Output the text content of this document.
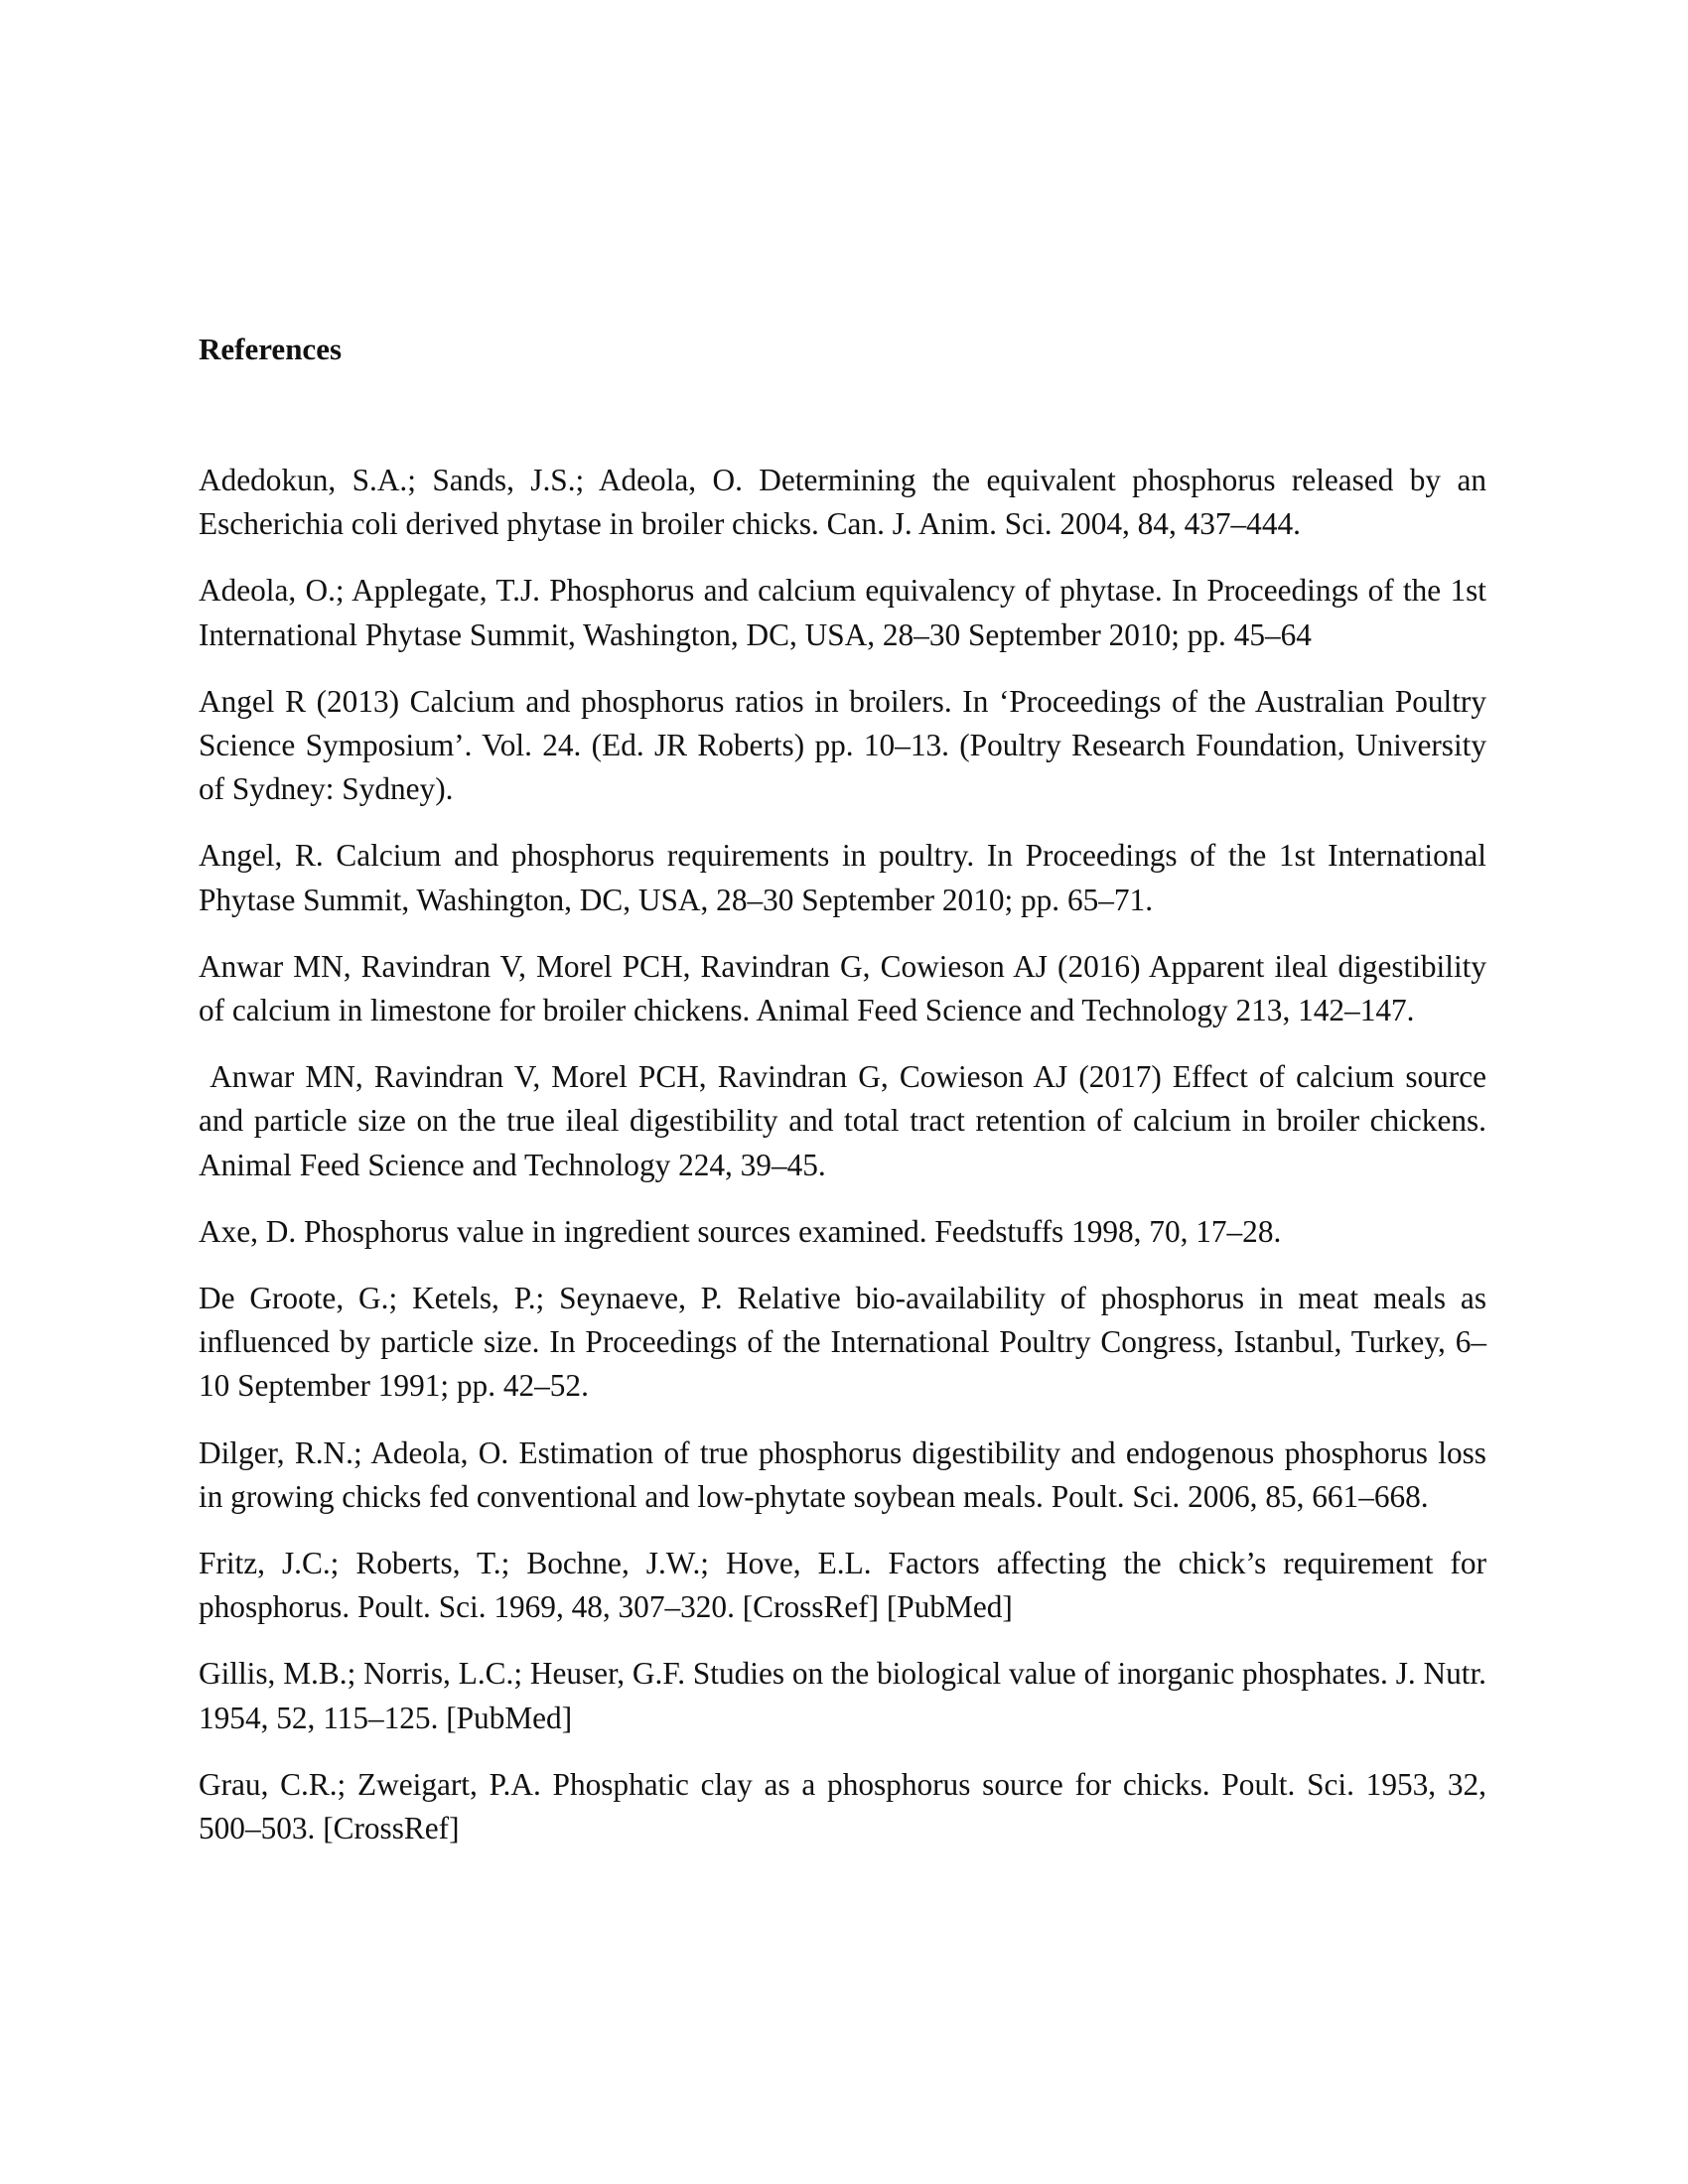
References
Adedokun, S.A.; Sands, J.S.; Adeola, O. Determining the equivalent phosphorus released by an Escherichia coli derived phytase in broiler chicks. Can. J. Anim. Sci. 2004, 84, 437–444.
Adeola, O.; Applegate, T.J. Phosphorus and calcium equivalency of phytase. In Proceedings of the 1st International Phytase Summit, Washington, DC, USA, 28–30 September 2010; pp. 45–64
Angel R (2013) Calcium and phosphorus ratios in broilers. In ‘Proceedings of the Australian Poultry Science Symposium’. Vol. 24. (Ed. JR Roberts) pp. 10–13. (Poultry Research Foundation, University of Sydney: Sydney).
Angel, R. Calcium and phosphorus requirements in poultry. In Proceedings of the 1st International Phytase Summit, Washington, DC, USA, 28–30 September 2010; pp. 65–71.
Anwar MN, Ravindran V, Morel PCH, Ravindran G, Cowieson AJ (2016) Apparent ileal digestibility of calcium in limestone for broiler chickens. Animal Feed Science and Technology 213, 142–147.
Anwar MN, Ravindran V, Morel PCH, Ravindran G, Cowieson AJ (2017) Effect of calcium source and particle size on the true ileal digestibility and total tract retention of calcium in broiler chickens. Animal Feed Science and Technology 224, 39–45.
Axe, D. Phosphorus value in ingredient sources examined. Feedstuffs 1998, 70, 17–28.
De Groote, G.; Ketels, P.; Seynaeve, P. Relative bio-availability of phosphorus in meat meals as influenced by particle size. In Proceedings of the International Poultry Congress, Istanbul, Turkey, 6–10 September 1991; pp. 42–52.
Dilger, R.N.; Adeola, O. Estimation of true phosphorus digestibility and endogenous phosphorus loss in growing chicks fed conventional and low-phytate soybean meals. Poult. Sci. 2006, 85, 661–668.
Fritz, J.C.; Roberts, T.; Bochne, J.W.; Hove, E.L. Factors affecting the chick’s requirement for phosphorus. Poult. Sci. 1969, 48, 307–320. [CrossRef] [PubMed]
Gillis, M.B.; Norris, L.C.; Heuser, G.F. Studies on the biological value of inorganic phosphates. J. Nutr. 1954, 52, 115–125. [PubMed]
Grau, C.R.; Zweigart, P.A. Phosphatic clay as a phosphorus source for chicks. Poult. Sci. 1953, 32, 500–503. [CrossRef]
